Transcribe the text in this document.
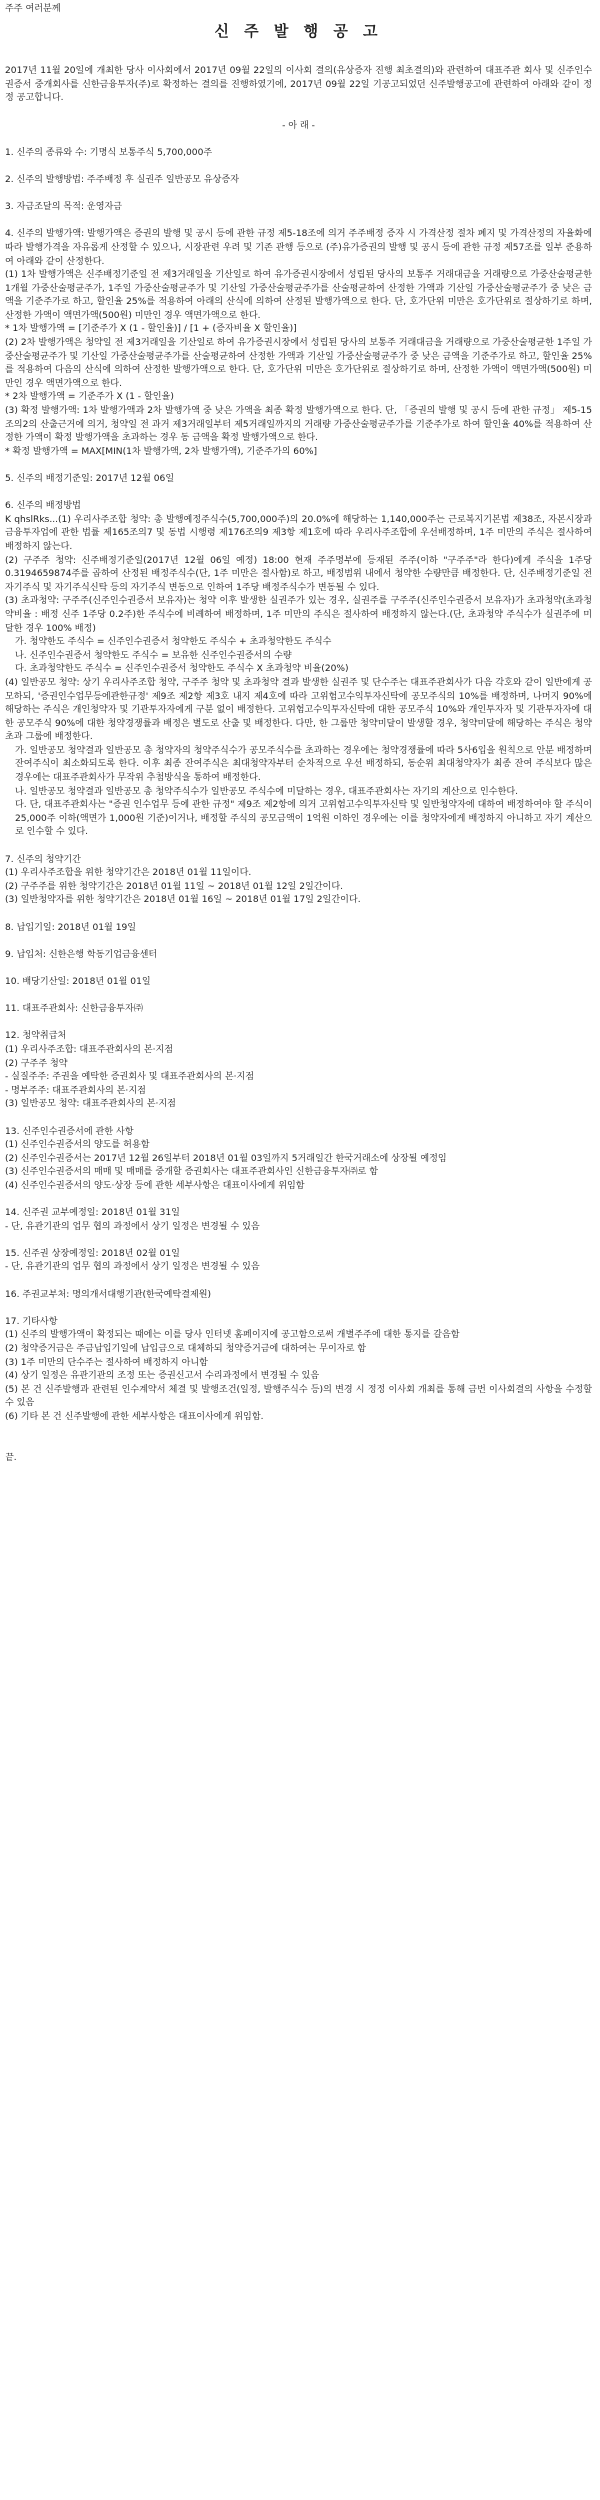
주주 여러분께

신 주 발 행 공 고

2017년 11월 20일에 개최한 당사 이사회에서 2017년 09월 22일의 이사회 결의(유상증자 진행 최초결의)와 관련하여 대표주관 회사 및 신주인수권증서 중개회사를 신한금융투자(주)로 확정하는 결의를 진행하였기에, 2017년 09월 22일 기공고되었던 신주발행공고에 관련하여 아래와 같이 정정 공고합니다.

- 아 래 -

1. 신주의 종류와 수: 기명식 보통주식 5,700,000주

2. 신주의 발행방법: 주주배정 후 실권주 일반공모 유상증자

3. 자금조달의 목적: 운영자금

4. 신주의 발행가액: 발행가액은 증권의 발행 및 공시 등에 관한 규정 제5-18조에 의거 주주배정 증자 시 가격산정 절차 폐지 및 가격산정의 자율화에 따라 발행가격을 자유롭게 산정할 수 있으나, 시장관련 우려 및 기존 관행 등으로 (주)유가증권의 발행 및 공시 등에 관한 규정 제57조를 일부 준용하여 아래와 같이 산정한다.

(1) 1차 발행가액은 신주배정기준일 전 제3거래일을 기산일로 하여 유가증권시장에서 성립된 당사의 보통주 거래대금을 거래량으로 가중산술평균한 1개월 가중산술평균주가, 1주일 가중산술평균주가 및 기산일 가중산술평균주가를 산술평균하여 산정한 가액과 기산일 가중산술평균주가 중 낮은 금액을 기준주가로 하고, 할인율 25%를 적용하여 아래의 산식에 의하여 산정된 발행가액으로 한다. 단, 호가단위 미만은 호가단위로 절상하기로 하며, 산정한 가액이 액면가액(500원) 미만인 경우 액면가액으로 한다.

* 1차 발행가액 = [기준주가 X (1 - 할인율)] / [1 + (증자비율 X 할인율)]

(2) 2차 발행가액은 청약일 전 제3거래일을 기산일로 하여 유가증권시장에서 성립된 당사의 보통주 거래대금을 거래량으로 가중산술평균한 1주일 가중산술평균주가 및 기산일 가중산술평균주가를 산술평균하여 산정한 가액과 기산일 가중산술평균주가 중 낮은 금액을 기준주가로 하고, 할인율 25%를 적용하여 다음의 산식에 의하여 산정한 발행가액으로 한다. 단, 호가단위 미만은 호가단위로 절상하기로 하며, 산정한 가액이 액면가액(500원) 미만인 경우 액면가액으로 한다.

* 2차 발행가액 = 기준주가 X (1 - 할인율)

(3) 확정 발행가액: 1차 발행가액과 2차 발행가액 중 낮은 가액을 최종 확정 발행가액으로 한다. 단, 「증권의 발행 및 공시 등에 관한 규정」 제5-15조의2의 산출근거에 의거, 청약일 전 과거 제3거래일부터 제5거래일까지의 거래량 가중산술평균주가를 기준주가로 하여 할인율 40%를 적용하여 산정한 가액이 확정 발행가액을 초과하는 경우 동 금액을 확정 발행가액으로 한다.

* 확정 발행가액 = MAX[MIN(1차 발행가액, 2차 발행가액), 기준주가의 60%]

5. 신주의 배정기준일: 2017년 12월 06일

6. 신주의 배정방법

K qhslRks...(1) 우리사주조합 청약: 총 발행예정주식수(5,700,000주)의 20.0%에 해당하는 1,140,000주는 근로복지기본법 제38조, 자본시장과 금융투자업에 관한 법률 제165조의7 및 동법 시행령 제176조의9 제3항 제1호에 따라 우리사주조합에 우선배정하며, 1주 미만의 주식은 절사하여 배정하지 않는다.

(2) 구주주 청약: 신주배정기준일(2017년 12월 06일 예정) 18:00 현재 주주명부에 등재된 주주(이하 "구주주"라 한다)에게 주식을 1주당 0.3194659874주를 곱하여 산정된 배정주식수(단, 1주 미만은 절사함)로 하고, 배정범위 내에서 청약한 수량만큼 배정한다. 단, 신주배정기준일 전 자기주식 및 자기주식신탁 등의 자기주식 변동으로 인하여 1주당 배정주식수가 변동될 수 있다.

(3) 초과청약: 구주주(신주인수권증서 보유자)는 청약 이후 발생한 실권주가 있는 경우, 실권주를 구주주(신주인수권증서 보유자)가 초과청약(초과청약비율 : 배정 신주 1주당 0.2주)한 주식수에 비례하여 배정하며, 1주 미만의 주식은 절사하여 배정하지 않는다.(단, 초과청약 주식수가 실권주에 미달한 경우 100% 배정)

가. 청약한도 주식수 = 신주인수권증서 청약한도 주식수 + 초과청약한도 주식수

나. 신주인수권증서 청약한도 주식수 = 보유한 신주인수권증서의 수량

다. 초과청약한도 주식수 = 신주인수권증서 청약한도 주식수 X 초과청약 비율(20%)

(4) 일반공모 청약: 상기 우리사주조합 청약, 구주주 청약 및 초과청약 결과 발생한 실권주 및 단수주는 대표주관회사가 다음 각호와 같이 일반에게 공모하되, '증권인수업무등에관한규정' 제9조 제2항 제3호 내지 제4호에 따라 고위험고수익투자신탁에 공모주식의 10%를 배정하며, 나머지 90%에 해당하는 주식은 개인청약자 및 기관투자자에게 구분 없이 배정한다. 고위험고수익투자신탁에 대한 공모주식 10%와 개인투자자 및 기관투자자에 대한 공모주식 90%에 대한 청약경쟁률과 배정은 별도로 산출 및 배정한다. 다만, 한 그룹만 청약미달이 발생할 경우, 청약미달에 해당하는 주식은 청약초과 그룹에 배정한다.

가. 일반공모 청약결과 일반공모 총 청약자의 청약주식수가 공모주식수를 초과하는 경우에는 청약경쟁률에 따라 5사6입을 원칙으로 안분 배정하며 잔여주식이 최소화되도록 한다. 이후 최종 잔여주식은 최대청약자부터 순차적으로 우선 배정하되, 동순위 최대청약자가 최종 잔여 주식보다 많은 경우에는 대표주관회사가 무작위 추첨방식을 통하여 배정한다.

나. 일반공모 청약결과 일반공모 총 청약주식수가 일반공모 주식수에 미달하는 경우, 대표주관회사는 자기의 계산으로 인수한다.

다. 단, 대표주관회사는 "증권 인수업무 등에 관한 규정" 제9조 제2항에 의거 고위험고수익투자신탁 및 일반청약자에 대하여 배정하여야 할 주식이 25,000주 이하(액면가 1,000원 기준)이거나, 배정할 주식의 공모금액이 1억원 이하인 경우에는 이를 청약자에게 배정하지 아니하고 자기 계산으로 인수할 수 있다.

7. 신주의 청약기간

(1) 우리사주조합을 위한 청약기간은 2018년 01월 11일이다.

(2) 구주주를 위한 청약기간은 2018년 01월 11일 ~ 2018년 01월 12일 2일간이다.

(3) 일반청약자를 위한 청약기간은 2018년 01월 16일 ~ 2018년 01월 17일 2일간이다.

8. 납입기일: 2018년 01월 19일

9. 납입처: 신한은행 학동기업금융센터

10. 배당기산일: 2018년 01월 01일

11. 대표주관회사: 신한금융투자㈜

12. 청약취급처

(1) 우리사주조합: 대표주관회사의 본·지점

(2) 구주주 청약

- 실질주주: 주권을 예탁한 증권회사 및 대표주관회사의 본·지점

- 명부주주: 대표주관회사의 본·지점

(3) 일반공모 청약: 대표주관회사의 본·지점

13. 신주인수권증서에 관한 사항

(1) 신주인수권증서의 양도를 허용함

(2) 신주인수권증서는 2017년 12월 26일부터 2018년 01월 03일까지 5거래일간 한국거래소에 상장될 예정임

(3) 신주인수권증서의 매매 및 매매를 중개할 증권회사는 대표주관회사인 신한금융투자㈜로 함

(4) 신주인수권증서의 양도·상장 등에 관한 세부사항은 대표이사에게 위임함

14. 신주권 교부예정일: 2018년 01월 31일

- 단, 유관기관의 업무 협의 과정에서 상기 일정은 변경될 수 있음

15. 신주권 상장예정일: 2018년 02월 01일

- 단, 유관기관의 업무 협의 과정에서 상기 일정은 변경될 수 있음

16. 주권교부처: 명의개서대행기관(한국예탁결제원)

17. 기타사항

(1) 신주의 발행가액이 확정되는 때에는 이를 당사 인터넷 홈페이지에 공고함으로써 개별주주에 대한 통지를 갈음함

(2) 청약증거금은 주금납입기일에 납입금으로 대체하되 청약증거금에 대하여는 무이자로 함

(3) 1주 미만의 단수주는 절사하여 배정하지 아니함

(4) 상기 일정은 유관기관의 조정 또는 증권신고서 수리과정에서 변경될 수 있음

(5) 본 건 신주발행과 관련된 인수계약서 체결 및 발행조건(일정, 발행주식수 등)의 변경 시 정정 이사회 개최를 통해 금번 이사회결의 사항을 수정할 수 있음

(6) 기타 본 건 신주발행에 관한 세부사항은 대표이사에게 위임함.

끝.
